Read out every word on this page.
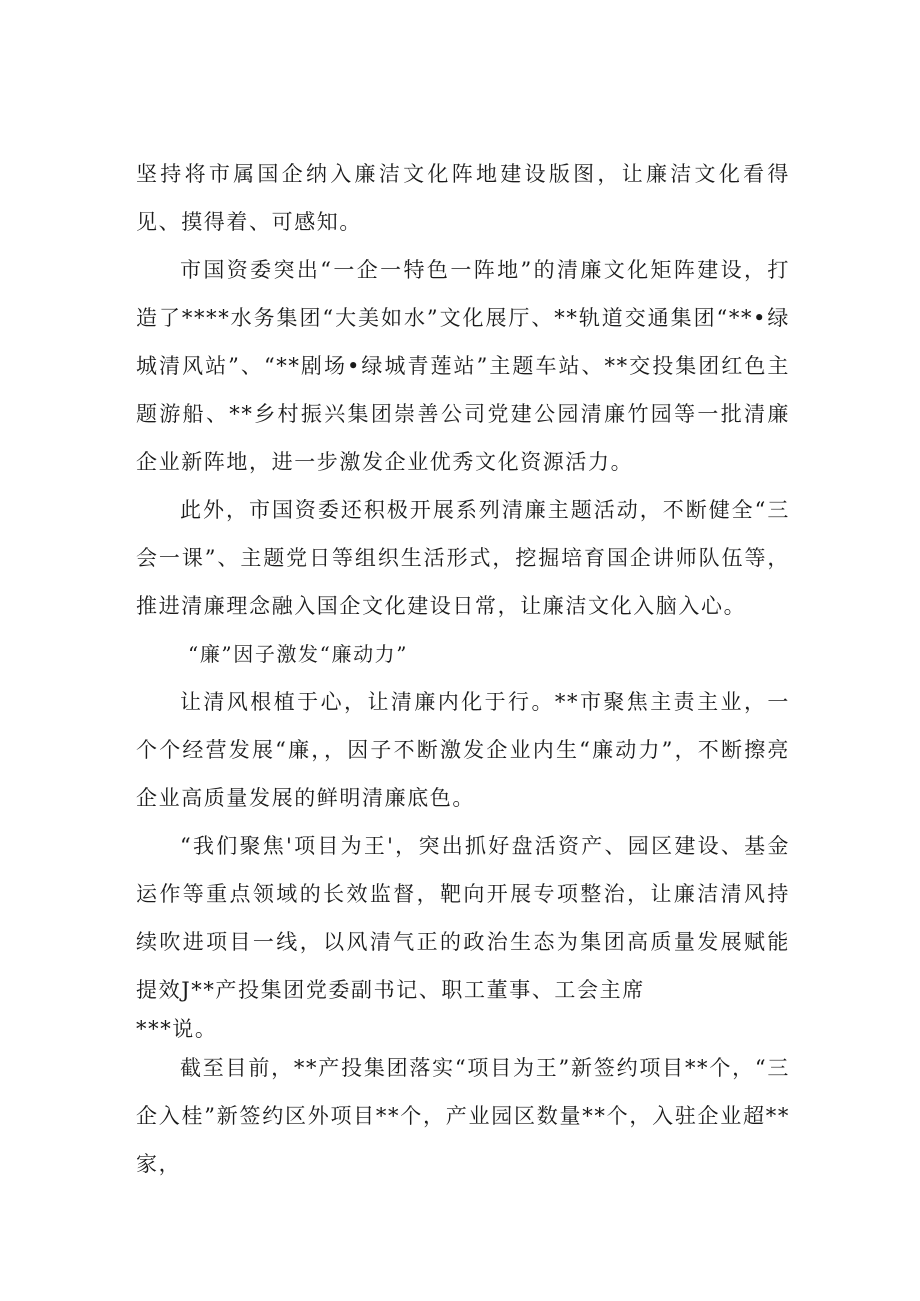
坚持将市属国企纳入廉洁文化阵地建设版图，让廉洁文化看得见、摸得着、可感知。

市国资委突出“一企一特色一阵地”的清廉文化矩阵建设，打造了****水务集团“大美如水”文化展厅、**轨道交通集团“**•绿城清风站”、“**剧场•绿城青莲站”主题车站、**交投集团红色主题游船、**乡村振兴集团崇善公司党建公园清廉竹园等一批清廉企业新阵地，进一步激发企业优秀文化资源活力。

此外，市国资委还积极开展系列清廉主题活动，不断健全“三会一课”、主题党日等组织生活形式，挖掘培育国企讲师队伍等，推进清廉理念融入国企文化建设日常，让廉洁文化入脑入心。

“廉”因子激发“廉动力”

让清风根植于心，让清廉内化于行。**市聚焦主责主业，一个个经营发展“廉，，因子不断激发企业内生“廉动力”，不断擦亮企业高质量发展的鲜明清廉底色。

“我们聚焦'项目为王'，突出抓好盘活资产、园区建设、基金运作等重点领域的长效监督，靶向开展专项整治，让廉洁清风持续吹进项目一线，以风清气正的政治生态为集团高质量发展赋能提效J**产投集团党委副书记、职工董事、工会主席

***说。

截至目前，**产投集团落实“项目为王”新签约项目**个，“三企入桂”新签约区外项目**个，产业园区数量**个，入驻企业超**家，
